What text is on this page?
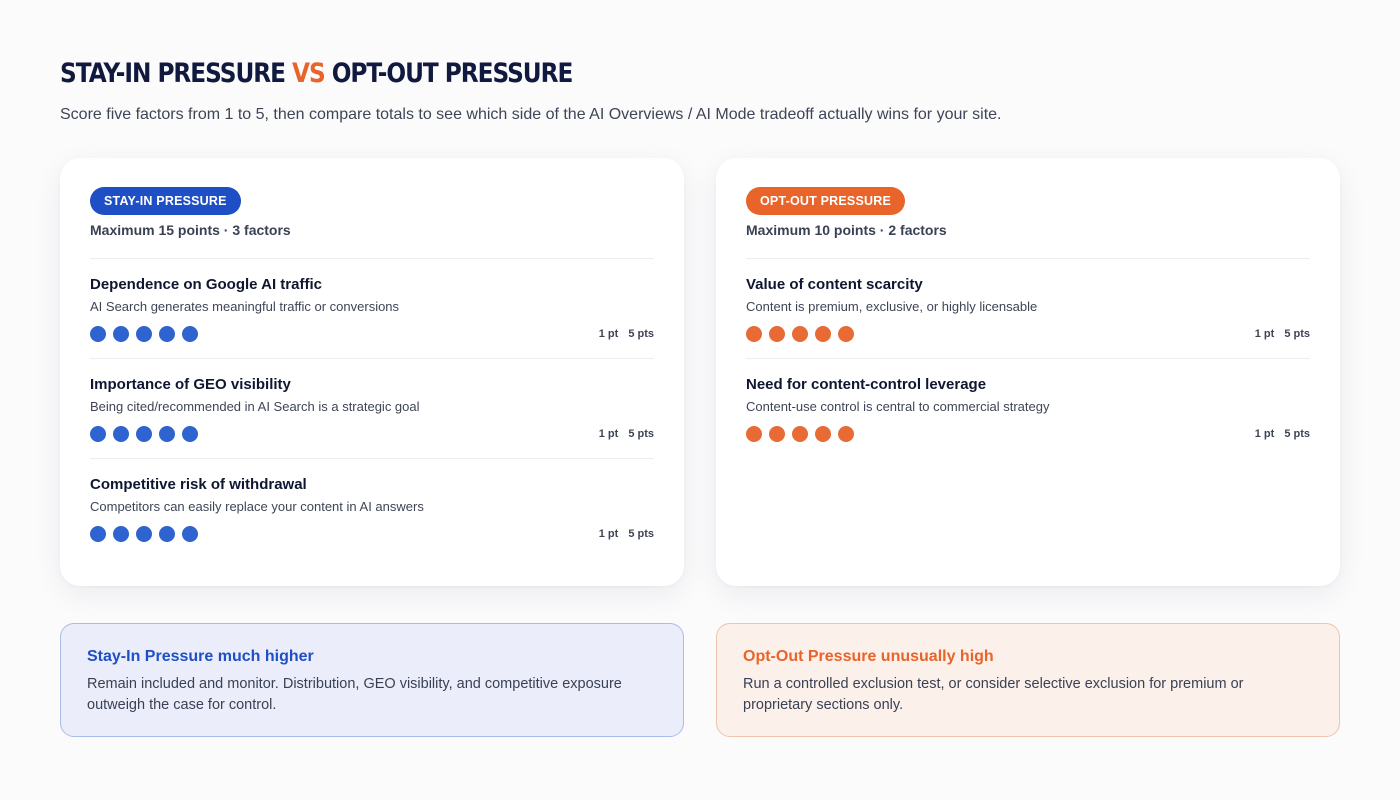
STAY-IN PRESSURE VS OPT-OUT PRESSURE

Score five factors from 1 to 5, then compare totals to see which side of the AI Overviews / AI Mode tradeoff actually wins for your site.

STAY-IN PRESSURE
Maximum 15 points · 3 factors
Dependence on Google AI traffic
AI Search generates meaningful traffic or conversions
1 pt 5 pts
Importance of GEO visibility
Being cited/recommended in AI Search is a strategic goal
1 pt 5 pts
Competitive risk of withdrawal
Competitors can easily replace your content in AI answers
1 pt 5 pts
OPT-OUT PRESSURE
Maximum 10 points · 2 factors
Value of content scarcity
Content is premium, exclusive, or highly licensable
1 pt 5 pts
Need for content-control leverage
Content-use control is central to commercial strategy
1 pt 5 pts
Stay-In Pressure much higher

Remain included and monitor. Distribution, GEO visibility, and competitive exposure outweigh the case for control.

Opt-Out Pressure unusually high

Run a controlled exclusion test, or consider selective exclusion for premium or proprietary sections only.
